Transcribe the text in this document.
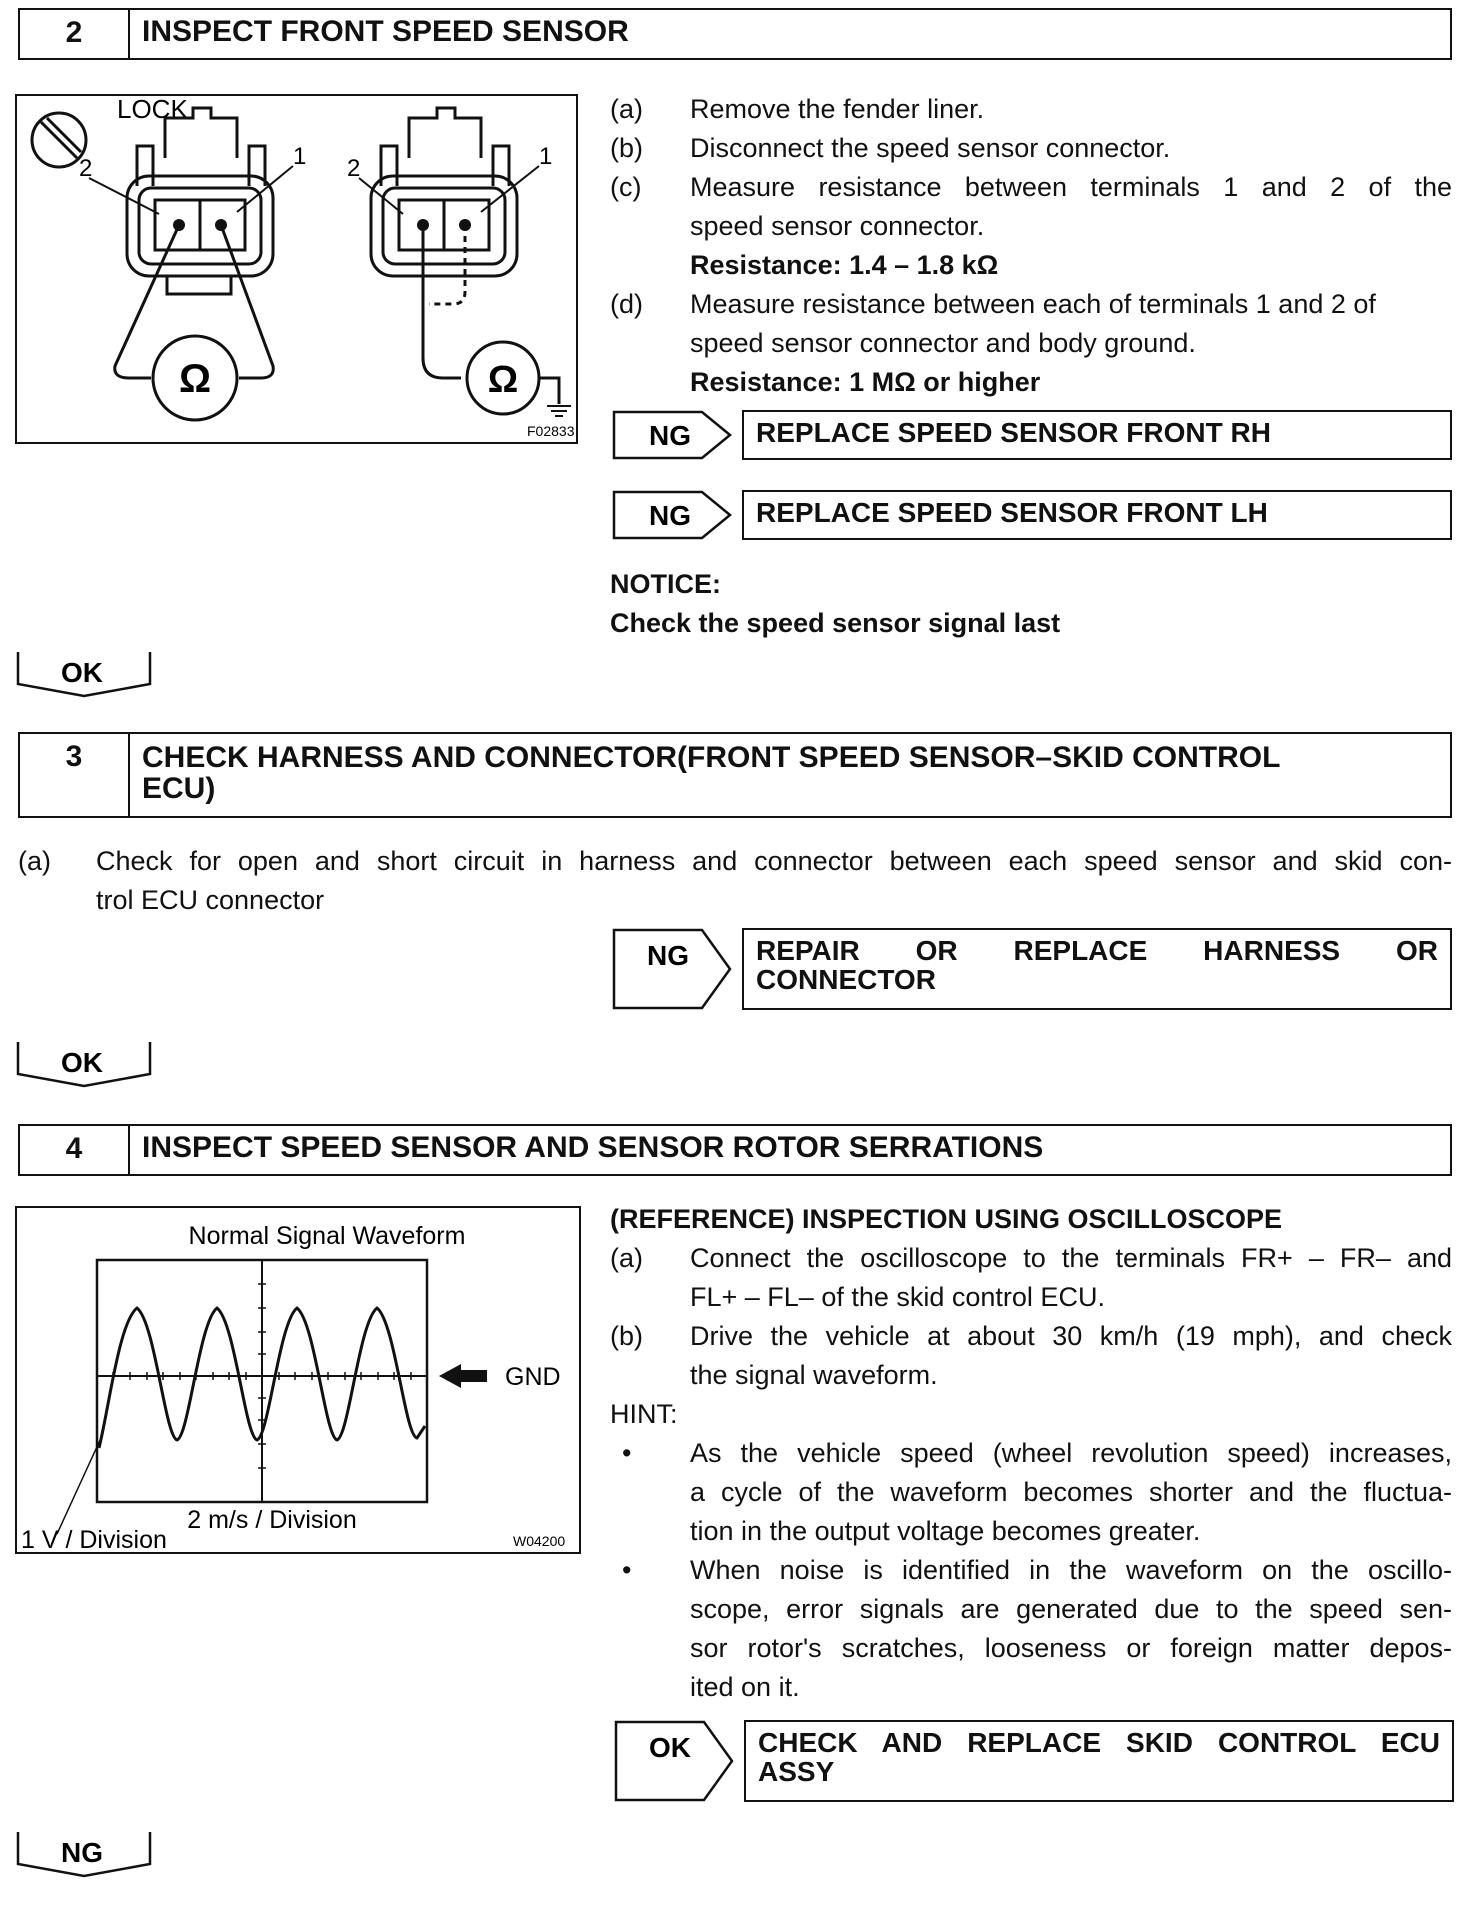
2	INSPECT FRONT SPEED SENSOR
LOCK
2	1
Ω
2	1
Ω
F02833
(a) Remove the fender liner.
(b) Disconnect the speed sensor connector.
(c) Measure resistance between terminals 1 and 2 of the
speed sensor connector.
Resistance: 1.4 – 1.8 kΩ
(d) Measure resistance between each of terminals 1 and 2 of
speed sensor connector and body ground.
Resistance: 1 MΩ or higher
NG	REPLACE SPEED SENSOR FRONT RH
NG	REPLACE SPEED SENSOR FRONT LH
NOTICE:
Check the speed sensor signal last
OK
3	CHECK HARNESS AND CONNECTOR(FRONT SPEED SENSOR–SKID CONTROL
ECU)
(a) Check for open and short circuit in harness and connector between each speed sensor and skid con-
trol ECU connector
NG REPAIR OR REPLACE HARNESS OR
CONNECTOR
OK
4	INSPECT SPEED SENSOR AND SENSOR ROTOR SERRATIONS
Normal Signal Waveform
GND
2 m/s / Division
1 V / Division	W04200
(REFERENCE) INSPECTION USING OSCILLOSCOPE
(a) Connect the oscilloscope to the terminals FR+ – FR– and
FL+ – FL– of the skid control ECU.
(b) Drive the vehicle at about 30 km/h (19 mph), and check
the signal waveform.
HINT:
• As the vehicle speed (wheel revolution speed) increases,
a cycle of the waveform becomes shorter and the fluctua-
tion in the output voltage becomes greater.
• When noise is identified in the waveform on the oscillo-
scope, error signals are generated due to the speed sen-
sor rotor's scratches, looseness or foreign matter depos-
ited on it.
OK CHECK AND REPLACE SKID CONTROL ECU
ASSY
NG
